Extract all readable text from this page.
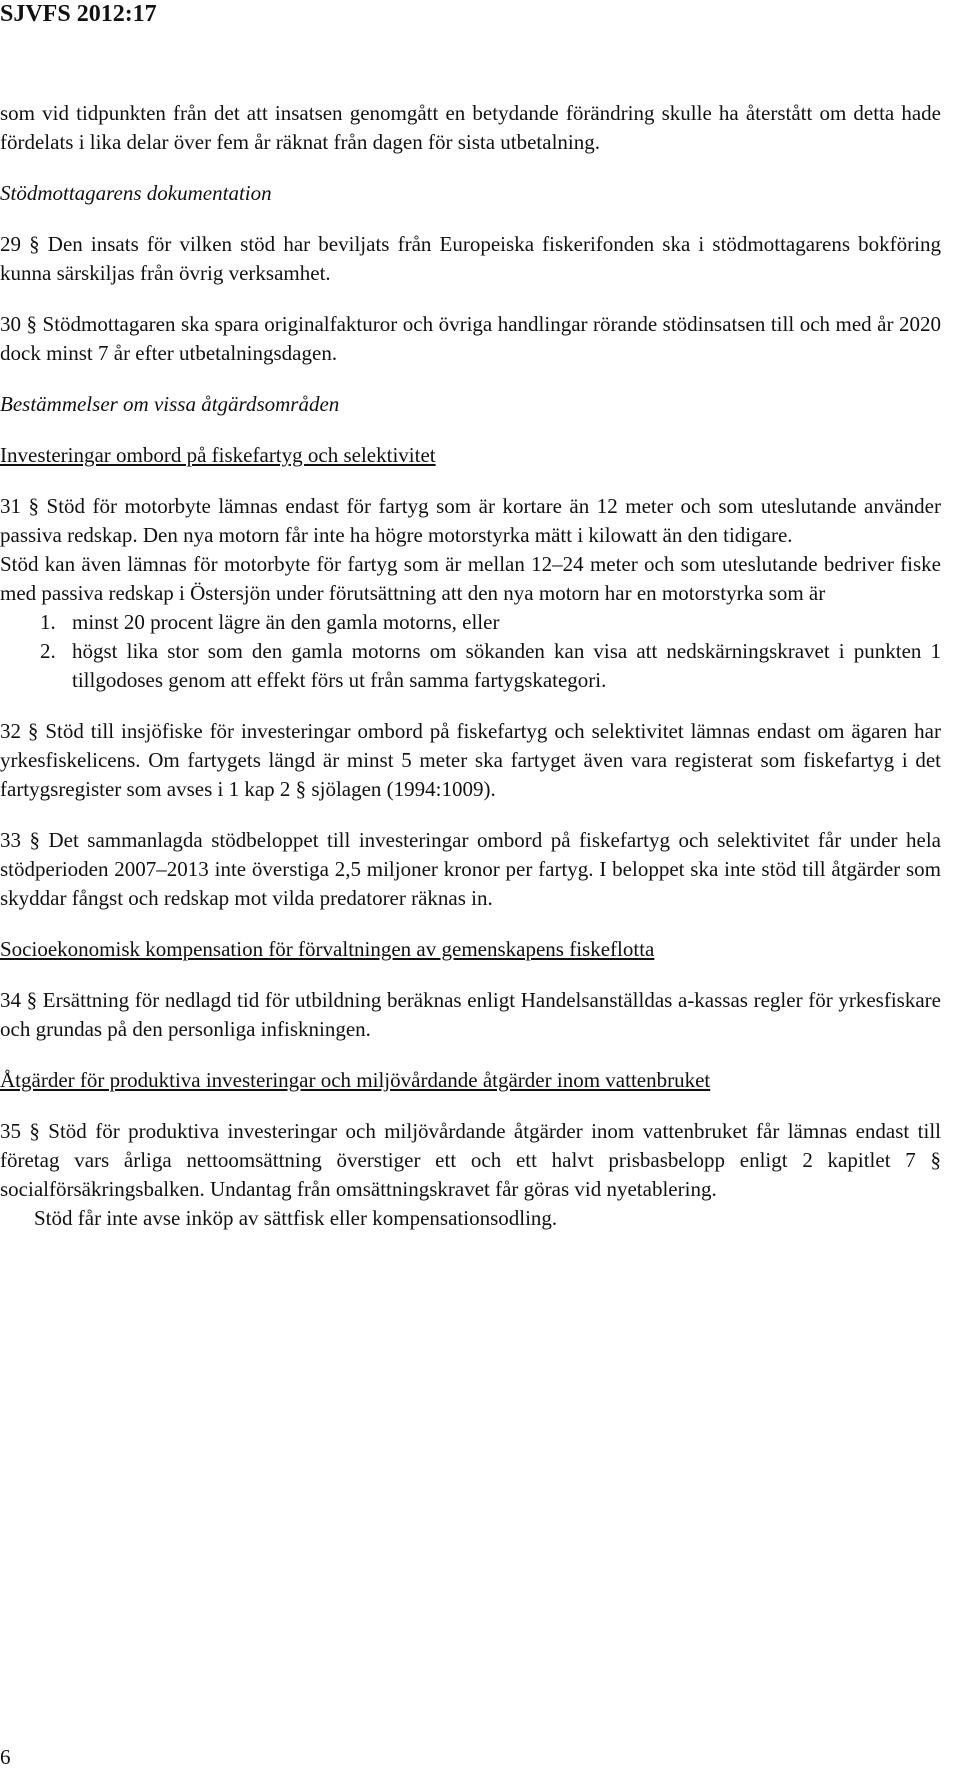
SJVFS 2012:17

som vid tidpunkten från det att insatsen genomgått en betydande förändring skulle ha återstått om detta hade fördelats i lika delar över fem år räknat från dagen för sista utbetalning.

Stödmottagarens dokumentation

29 § Den insats för vilken stöd har beviljats från Europeiska fiskerifonden ska i stödmottagarens bokföring kunna särskiljas från övrig verksamhet.

30 § Stödmottagaren ska spara originalfakturor och övriga handlingar rörande stödinsatsen till och med år 2020 dock minst 7 år efter utbetalningsdagen.

Bestämmelser om vissa åtgärdsområden

Investeringar ombord på fiskefartyg och selektivitet

31 § Stöd för motorbyte lämnas endast för fartyg som är kortare än 12 meter och som uteslutande använder passiva redskap. Den nya motorn får inte ha högre motorstyrka mätt i kilowatt än den tidigare.

Stöd kan även lämnas för motorbyte för fartyg som är mellan 12–24 meter och som uteslutande bedriver fiske med passiva redskap i Östersjön under förutsättning att den nya motorn har en motorstyrka som är

1. minst 20 procent lägre än den gamla motorns, eller
2. högst lika stor som den gamla motorns om sökanden kan visa att nedskärningskravet i punkten 1 tillgodoses genom att effekt förs ut från samma fartygskategori.

32 § Stöd till insjöfiske för investeringar ombord på fiskefartyg och selektivitet lämnas endast om ägaren har yrkesfiskelicens. Om fartygets längd är minst 5 meter ska fartyget även vara registerat som fiskefartyg i det fartygsregister som avses i 1 kap 2 § sjölagen (1994:1009).

33 § Det sammanlagda stödbeloppet till investeringar ombord på fiskefartyg och selektivitet får under hela stödperioden 2007–2013 inte överstiga 2,5 miljoner kronor per fartyg. I beloppet ska inte stöd till åtgärder som skyddar fångst och redskap mot vilda predatorer räknas in.

Socioekonomisk kompensation för förvaltningen av gemenskapens fiskeflotta

34 § Ersättning för nedlagd tid för utbildning beräknas enligt Handelsanställdas a-kassas regler för yrkesfiskare och grundas på den personliga infiskningen.

Åtgärder för produktiva investeringar och miljövårdande åtgärder inom vattenbruket

35 § Stöd för produktiva investeringar och miljövårdande åtgärder inom vattenbruket får lämnas endast till företag vars årliga nettoomsättning överstiger ett och ett halvt prisbasbelopp enligt 2 kapitlet 7 § socialförsäkringsbalken. Undantag från omsättningskravet får göras vid nyetablering.

Stöd får inte avse inköp av sättfisk eller kompensationsodling.

6
